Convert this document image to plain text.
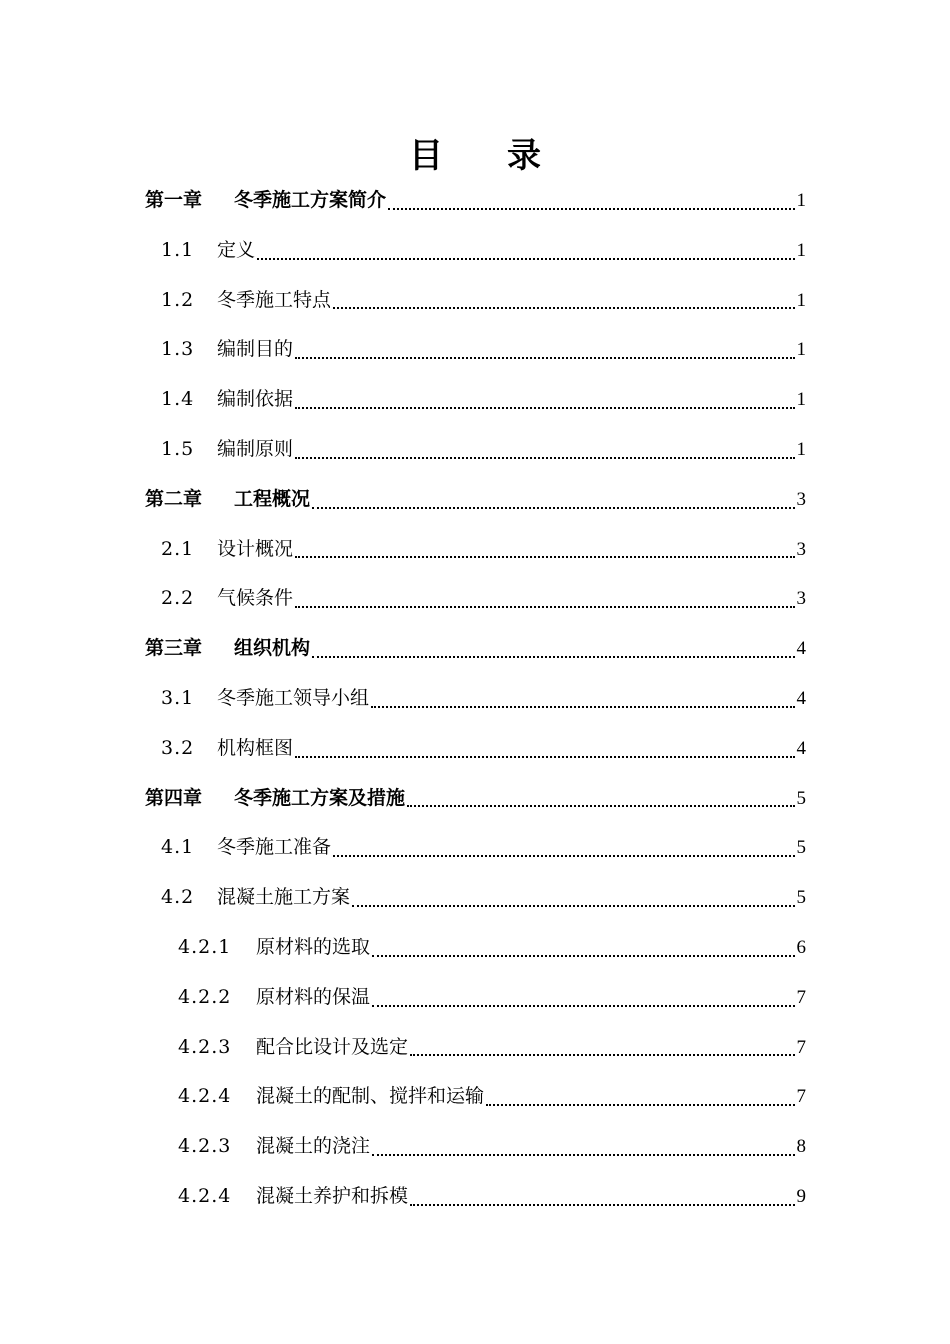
目 录
第一章	冬季施工方案简介	1
1.1	定义	1
1.2	冬季施工特点	1
1.3	编制目的	1
1.4	编制依据	1
1.5	编制原则	1
第二章	工程概况	3
2.1	设计概况	3
2.2	气候条件	3
第三章	组织机构	4
3.1	冬季施工领导小组	4
3.2	机构框图	4
第四章	冬季施工方案及措施	5
4.1	冬季施工准备	5
4.2	混凝土施工方案	5
4.2.1	原材料的选取	6
4.2.2	原材料的保温	7
4.2.3	配合比设计及选定	7
4.2.4	混凝土的配制、搅拌和运输	7
4.2.3	混凝土的浇注	8
4.2.4	混凝土养护和拆模	9
